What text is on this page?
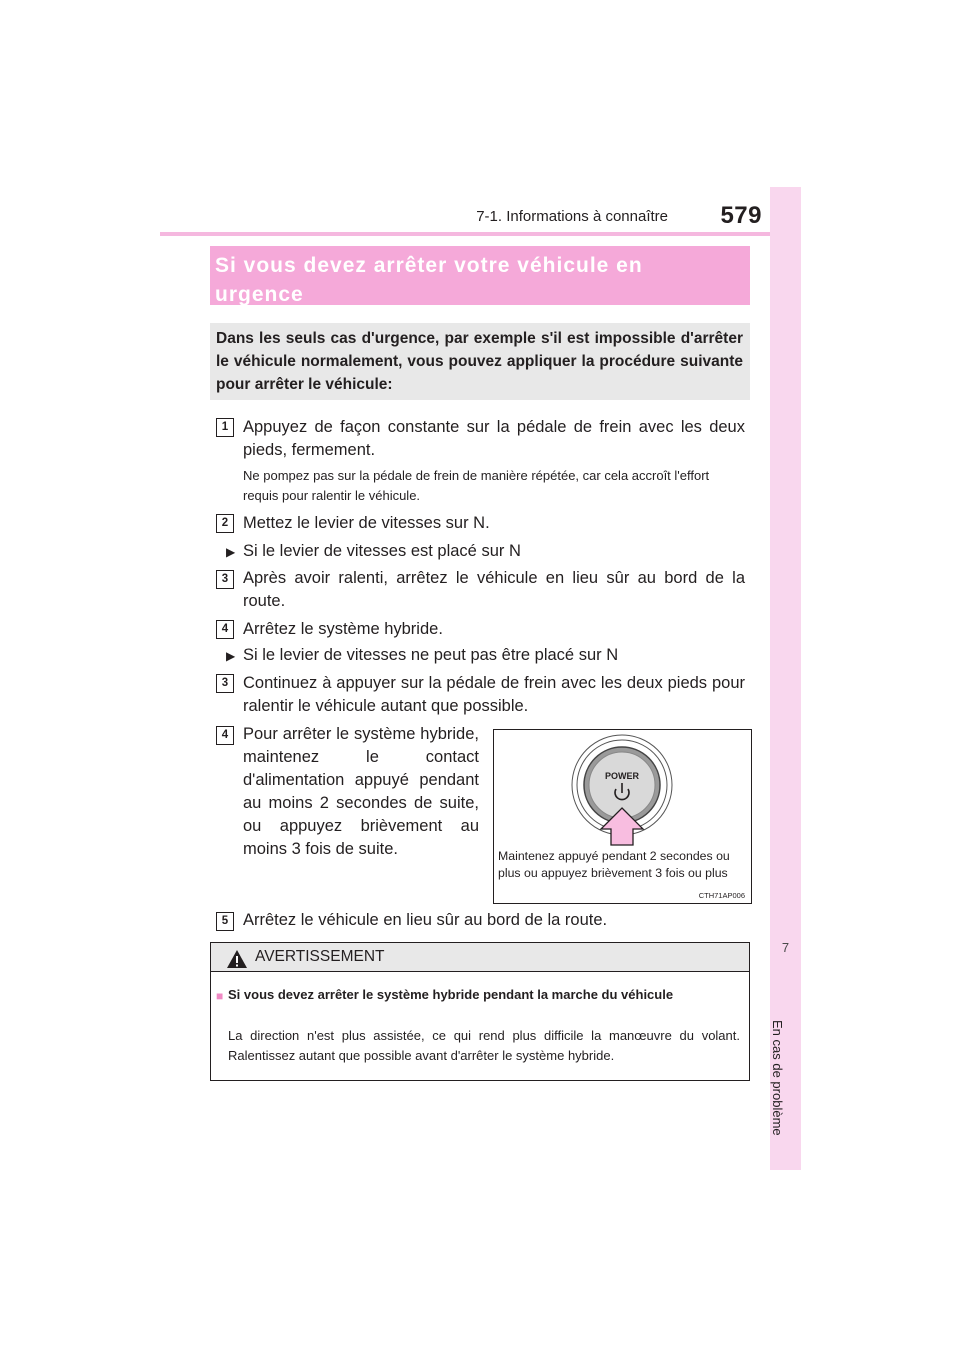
7-1. Informations à connaître	579
7
En cas de problème
Si vous devez arrêter votre véhicule en urgence
Dans les seuls cas d'urgence, par exemple s'il est impossible d'arrêter le véhicule normalement, vous pouvez appliquer la procédure suivante pour arrêter le véhicule:
1 Appuyez de façon constante sur la pédale de frein avec les deux pieds, fermement.
Ne pompez pas sur la pédale de frein de manière répétée, car cela accroît l'effort requis pour ralentir le véhicule.
2 Mettez le levier de vitesses sur N.
▶ Si le levier de vitesses est placé sur N
3 Après avoir ralenti, arrêtez le véhicule en lieu sûr au bord de la route.
4 Arrêtez le système hybride.
▶ Si le levier de vitesses ne peut pas être placé sur N
3 Continuez à appuyer sur la pédale de frein avec les deux pieds pour ralentir le véhicule autant que possible.
4 Pour arrêter le système hybride, maintenez le contact d'alimentation appuyé pendant au moins 2 secondes de suite, ou appuyez brièvement au moins 3 fois de suite.
POWER
Maintenez appuyé pendant 2 secondes ou plus ou appuyez brièvement 3 fois ou plus
CTH71AP006
5 Arrêtez le véhicule en lieu sûr au bord de la route.
AVERTISSEMENT
■ Si vous devez arrêter le système hybride pendant la marche du véhicule
La direction n'est plus assistée, ce qui rend plus difficile la manœuvre du volant. Ralentissez autant que possible avant d'arrêter le système hybride.
